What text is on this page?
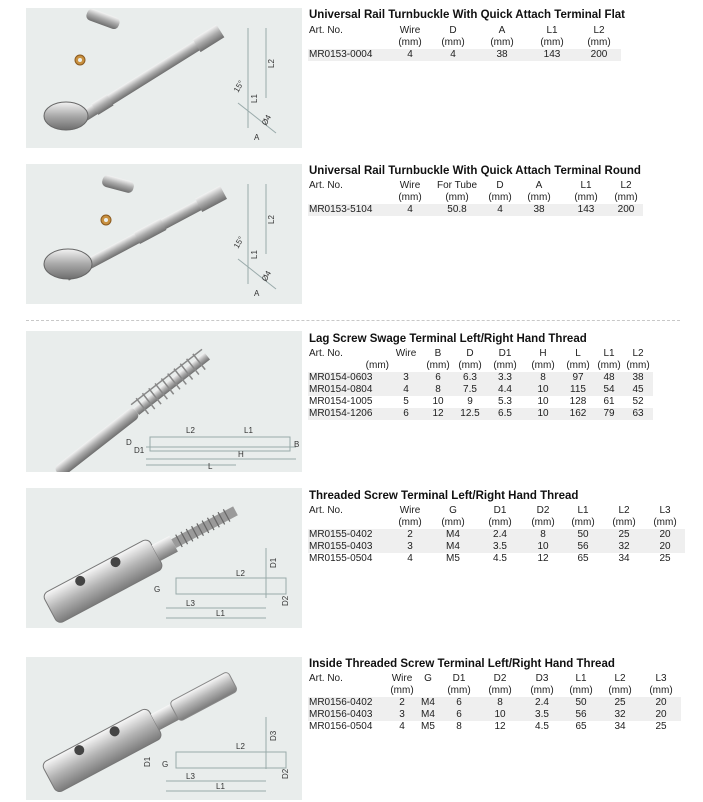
L2
L1
A
Ø4
15°
Universal Rail Turnbuckle With Quick Attach Terminal Flat
Art. No.	Wire	D	A	L1	L2
	(mm)	(mm)	(mm)	(mm)	(mm)
MR0153-0004	4	4	38	143	200
L2
L1
A
Ø4
15°
Universal Rail Turnbuckle With Quick Attach Terminal Round
Art. No.	Wire	For Tube	D	A	L1	L2
	(mm)	(mm)	(mm)	(mm)	(mm)	(mm)
MR0153-5104	4	50.8	4	38	143	200
L2	L1
D
D1	H
L
B
Lag Screw Swage Terminal Left/Right Hand Thread
Art. No.	Wire	B	D	D1	H	L	L1	L2
(mm)		(mm)	(mm)	(mm)	(mm)	(mm)	(mm)	(mm)
MR0154-0603	3	6	6.3	3.3	8	97	48	38
MR0154-0804	4	8	7.5	4.4	10	115	54	45
MR0154-1005	5	10	9	5.3	10	128	61	52
MR0154-1206	6	12	12.5	6.5	10	162	79	63
L2
D1
G
L3
L1
D2
Threaded Screw Terminal Left/Right Hand Thread
Art. No.	Wire	G	D1	D2	L1	L2	L3
	(mm)	(mm)	(mm)	(mm)	(mm)	(mm)	(mm)
MR0155-0402	2	M4	2.4	8	50	25	20
MR0155-0403	3	M4	3.5	10	56	32	20
MR0155-0504	4	M5	4.5	12	65	34	25
L2
D3
D1 G
L3
L1
D2
Inside Threaded Screw Terminal Left/Right Hand Thread
Art. No.	Wire	G	D1	D2	D3	L1	L2	L3
	(mm)		(mm)	(mm)	(mm)	(mm)	(mm)	(mm)
MR0156-0402	2	M4	6	8	2.4	50	25	20
MR0156-0403	3	M4	6	10	3.5	56	32	20
MR0156-0504	4	M5	8	12	4.5	65	34	25
